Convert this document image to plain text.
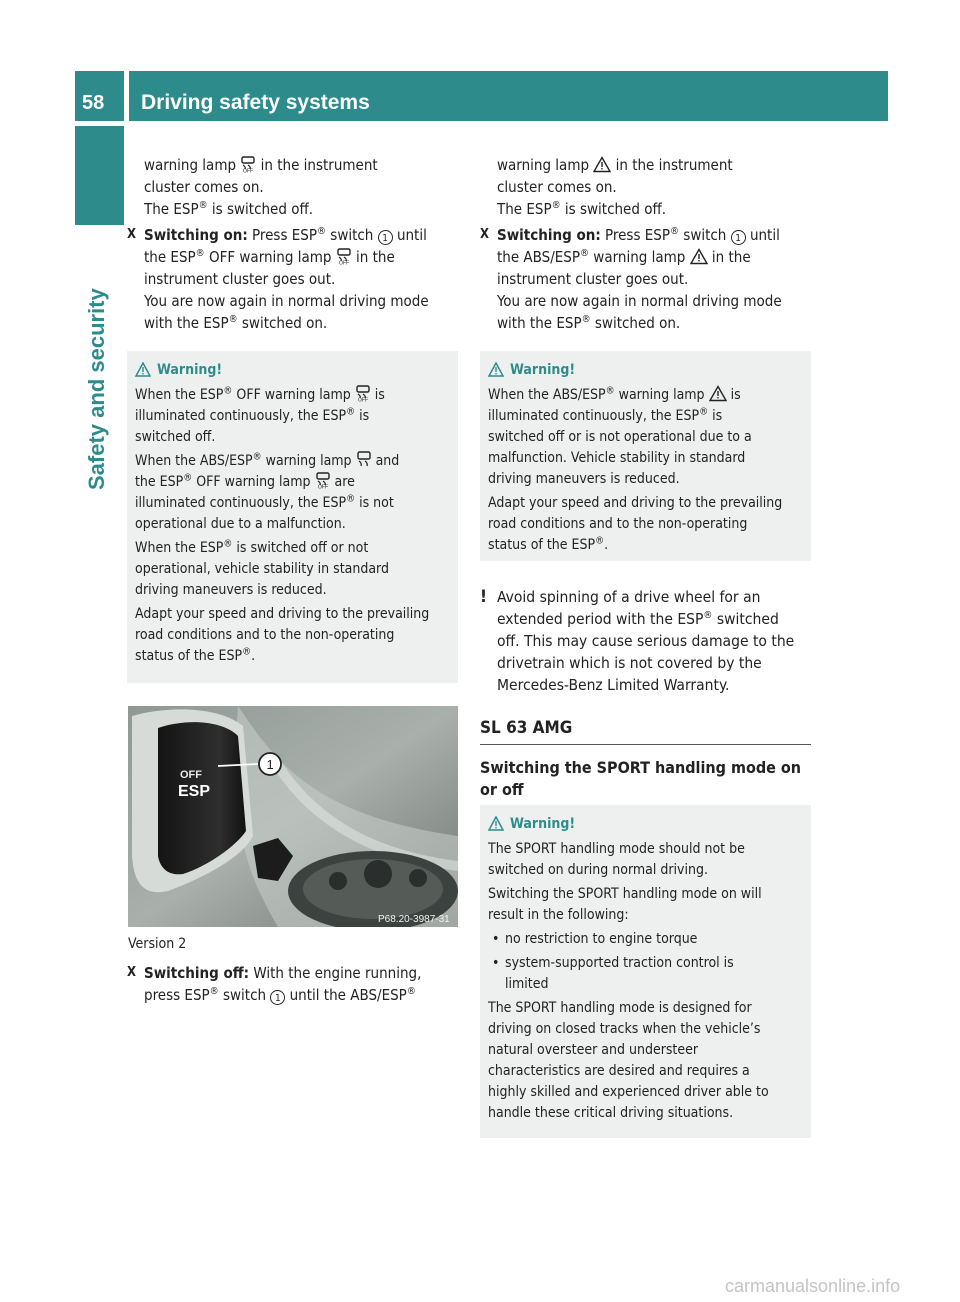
58 Driving safety systems
Safety and security

warning lamp OFF in the instrument
cluster comes on.
The ESP® is switched off.

X Switching on: Press ESP® switch 1 until
the ESP® OFF warning lamp OFF in the
instrument cluster goes out.
You are now again in normal driving mode
with the ESP® switched on.

Warning!

When the ESP® OFF warning lamp OFF is
illuminated continuously, the ESP® is
switched off.

When the ABS/ESP® warning lamp  and
the ESP® OFF warning lamp OFF are
illuminated continuously, the ESP® is not
operational due to a malfunction.

When the ESP® is switched off or not
operational, vehicle stability in standard
driving maneuvers is reduced.

Adapt your speed and driving to the prevailing
road conditions and to the non-operating
status of the ESP®.

OFF
ESP
1
P68.20-3987-31
Version 2
X Switching off: With the engine running,
press ESP® switch 1 until the ABS/ESP®

warning lamp  in the instrument
cluster comes on.
The ESP® is switched off.

X Switching on: Press ESP® switch 1 until
the ABS/ESP® warning lamp  in the
instrument cluster goes out.
You are now again in normal driving mode
with the ESP® switched on.

Warning!

When the ABS/ESP® warning lamp  is
illuminated continuously, the ESP® is
switched off or is not operational due to a
malfunction. Vehicle stability in standard
driving maneuvers is reduced.

Adapt your speed and driving to the prevailing
road conditions and to the non-operating
status of the ESP®.

! Avoid spinning of a drive wheel for an
extended period with the ESP® switched
off. This may cause serious damage to the
drivetrain which is not covered by the
Mercedes-Benz Limited Warranty.

SL 63 AMG
Switching the SPORT handling mode on
or off

Warning!

The SPORT handling mode should not be
switched on during normal driving.

Switching the SPORT handling mode on will
result in the following:

• no restriction to engine torque

• system-supported traction control is
limited

The SPORT handling mode is designed for
driving on closed tracks when the vehicle’s
natural oversteer and understeer
characteristics are desired and requires a
highly skilled and experienced driver able to
handle these critical driving situations.

carmanualsonline.info
